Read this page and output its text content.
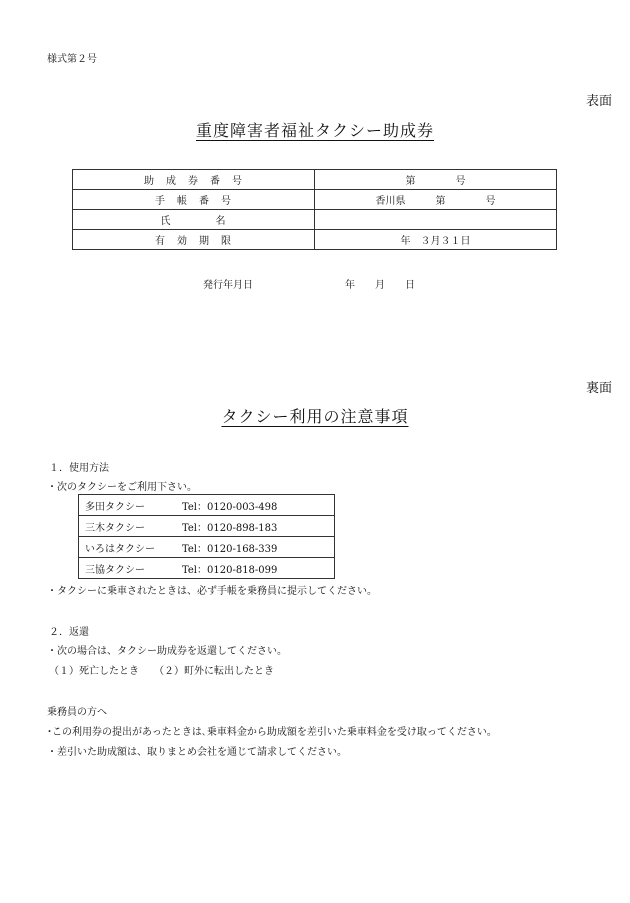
様式第２号
表面
重度障害者福祉タクシー助成券
助　成　券　番　号	第　　　　号
手　帳　番　号	香川県　　　第　　　　号
氏　　　　名	
有　効　期　限	年　３月３１日
発行年月日	年　　月　　日
裏面
タクシー利用の注意事項
１．使用方法
・次のタクシーをご利用下さい。
多田タクシー	Tel：0120-003-498
三木タクシー	Tel：0120-898-183
いろはタクシー	Tel：0120-168-339
三協タクシー	Tel：0120-818-099
・タクシーに乗車されたときは、必ず手帳を乗務員に提示してください。
２．返還
・次の場合は、タクシー助成券を返還してください。
（１）死亡したとき　　（２）町外に転出したとき
乗務員の方へ
･この利用券の提出があったときは､乗車料金から助成額を差引いた乗車料金を受け取ってください。
・差引いた助成額は、取りまとめ会社を通じて請求してください。
